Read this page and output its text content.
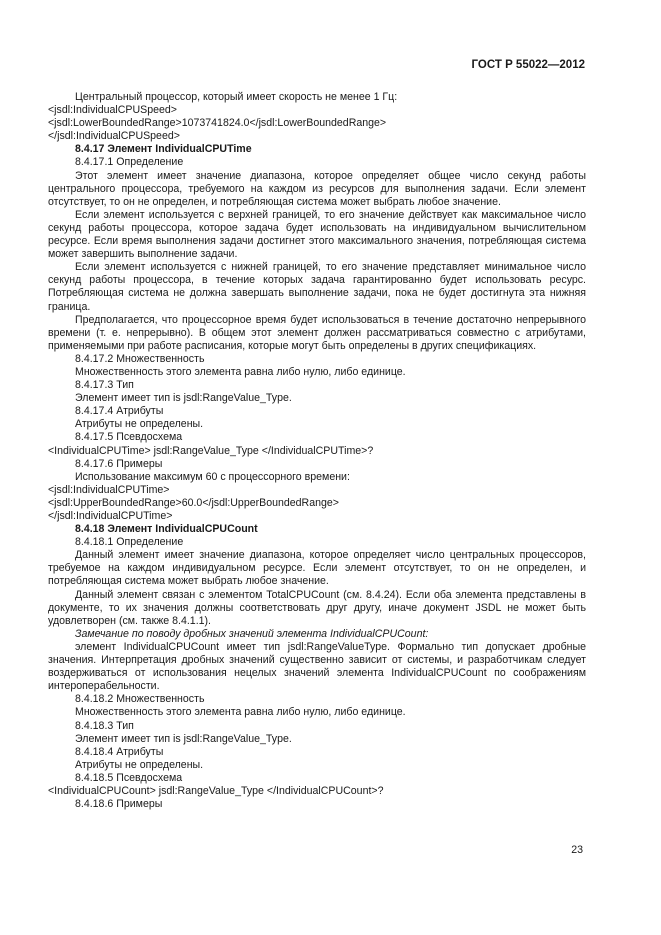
ГОСТ Р 55022—2012

Центральный процессор, который имеет скорость не менее 1 Гц:

<jsdl:IndividualCPUSpeed>

<jsdl:LowerBoundedRange>1073741824.0</jsdl:LowerBoundedRange>

</jsdl:IndividualCPUSpeed>

8.4.17 Элемент IndividualCPUTime

8.4.17.1 Определение

Этот элемент имеет значение диапазона, которое определяет общее число секунд работы центрального процессора, требуемого на каждом из ресурсов для выполнения задачи. Если элемент отсутствует, то он не определен, и потребляющая система может выбрать любое значение.

Если элемент используется с верхней границей, то его значение действует как максимальное число секунд работы процессора, которое задача будет использовать на индивидуальном вычислительном ресурсе. Если время выполнения задачи достигнет этого максимального значения, потребляющая система может завершить выполнение задачи.

Если элемент используется с нижней границей, то его значение представляет минимальное число секунд работы процессора, в течение которых задача гарантированно будет использовать ресурс. Потребляющая система не должна завершать выполнение задачи, пока не будет достигнута эта нижняя граница.

Предполагается, что процессорное время будет использоваться в течение достаточно непрерывного времени (т. е. непрерывно). В общем этот элемент должен рассматриваться совместно с атрибутами, применяемыми при работе расписания, которые могут быть определены в других спецификациях.

8.4.17.2 Множественность

Множественность этого элемента равна либо нулю, либо единице.

8.4.17.3 Тип

Элемент имеет тип is jsdl:RangeValue_Type.

8.4.17.4 Атрибуты

Атрибуты не определены.

8.4.17.5 Псевдосхема

<IndividualCPUTime> jsdl:RangeValue_Type </IndividualCPUTime>?

8.4.17.6 Примеры

Использование максимум 60 с процессорного времени:

<jsdl:IndividualCPUTime>

<jsdl:UpperBoundedRange>60.0</jsdl:UpperBoundedRange>

</jsdl:IndividualCPUTime>

8.4.18 Элемент IndividualCPUCount

8.4.18.1 Определение

Данный элемент имеет значение диапазона, которое определяет число центральных процессоров, требуемое на каждом индивидуальном ресурсе. Если элемент отсутствует, то он не определен, и потребляющая система может выбрать любое значение.

Данный элемент связан с элементом TotalCPUCount (см. 8.4.24). Если оба элемента представлены в документе, то их значения должны соответствовать друг другу, иначе документ JSDL не может быть удовлетворен (см. также 8.4.1.1).

Замечание по поводу дробных значений элемента IndividualCPUCount:

элемент IndividualCPUCount имеет тип jsdl:RangeValueType. Формально тип допускает дробные значения. Интерпретация дробных значений существенно зависит от системы, и разработчикам следует воздерживаться от использования нецелых значений элемента IndividualCPUCount по соображениям интероперабельности.

8.4.18.2 Множественность

Множественность этого элемента равна либо нулю, либо единице.

8.4.18.3 Тип

Элемент имеет тип is jsdl:RangeValue_Type.

8.4.18.4 Атрибуты

Атрибуты не определены.

8.4.18.5 Псевдосхема

<IndividualCPUCount> jsdl:RangeValue_Type </IndividualCPUCount>?

8.4.18.6 Примеры

23
